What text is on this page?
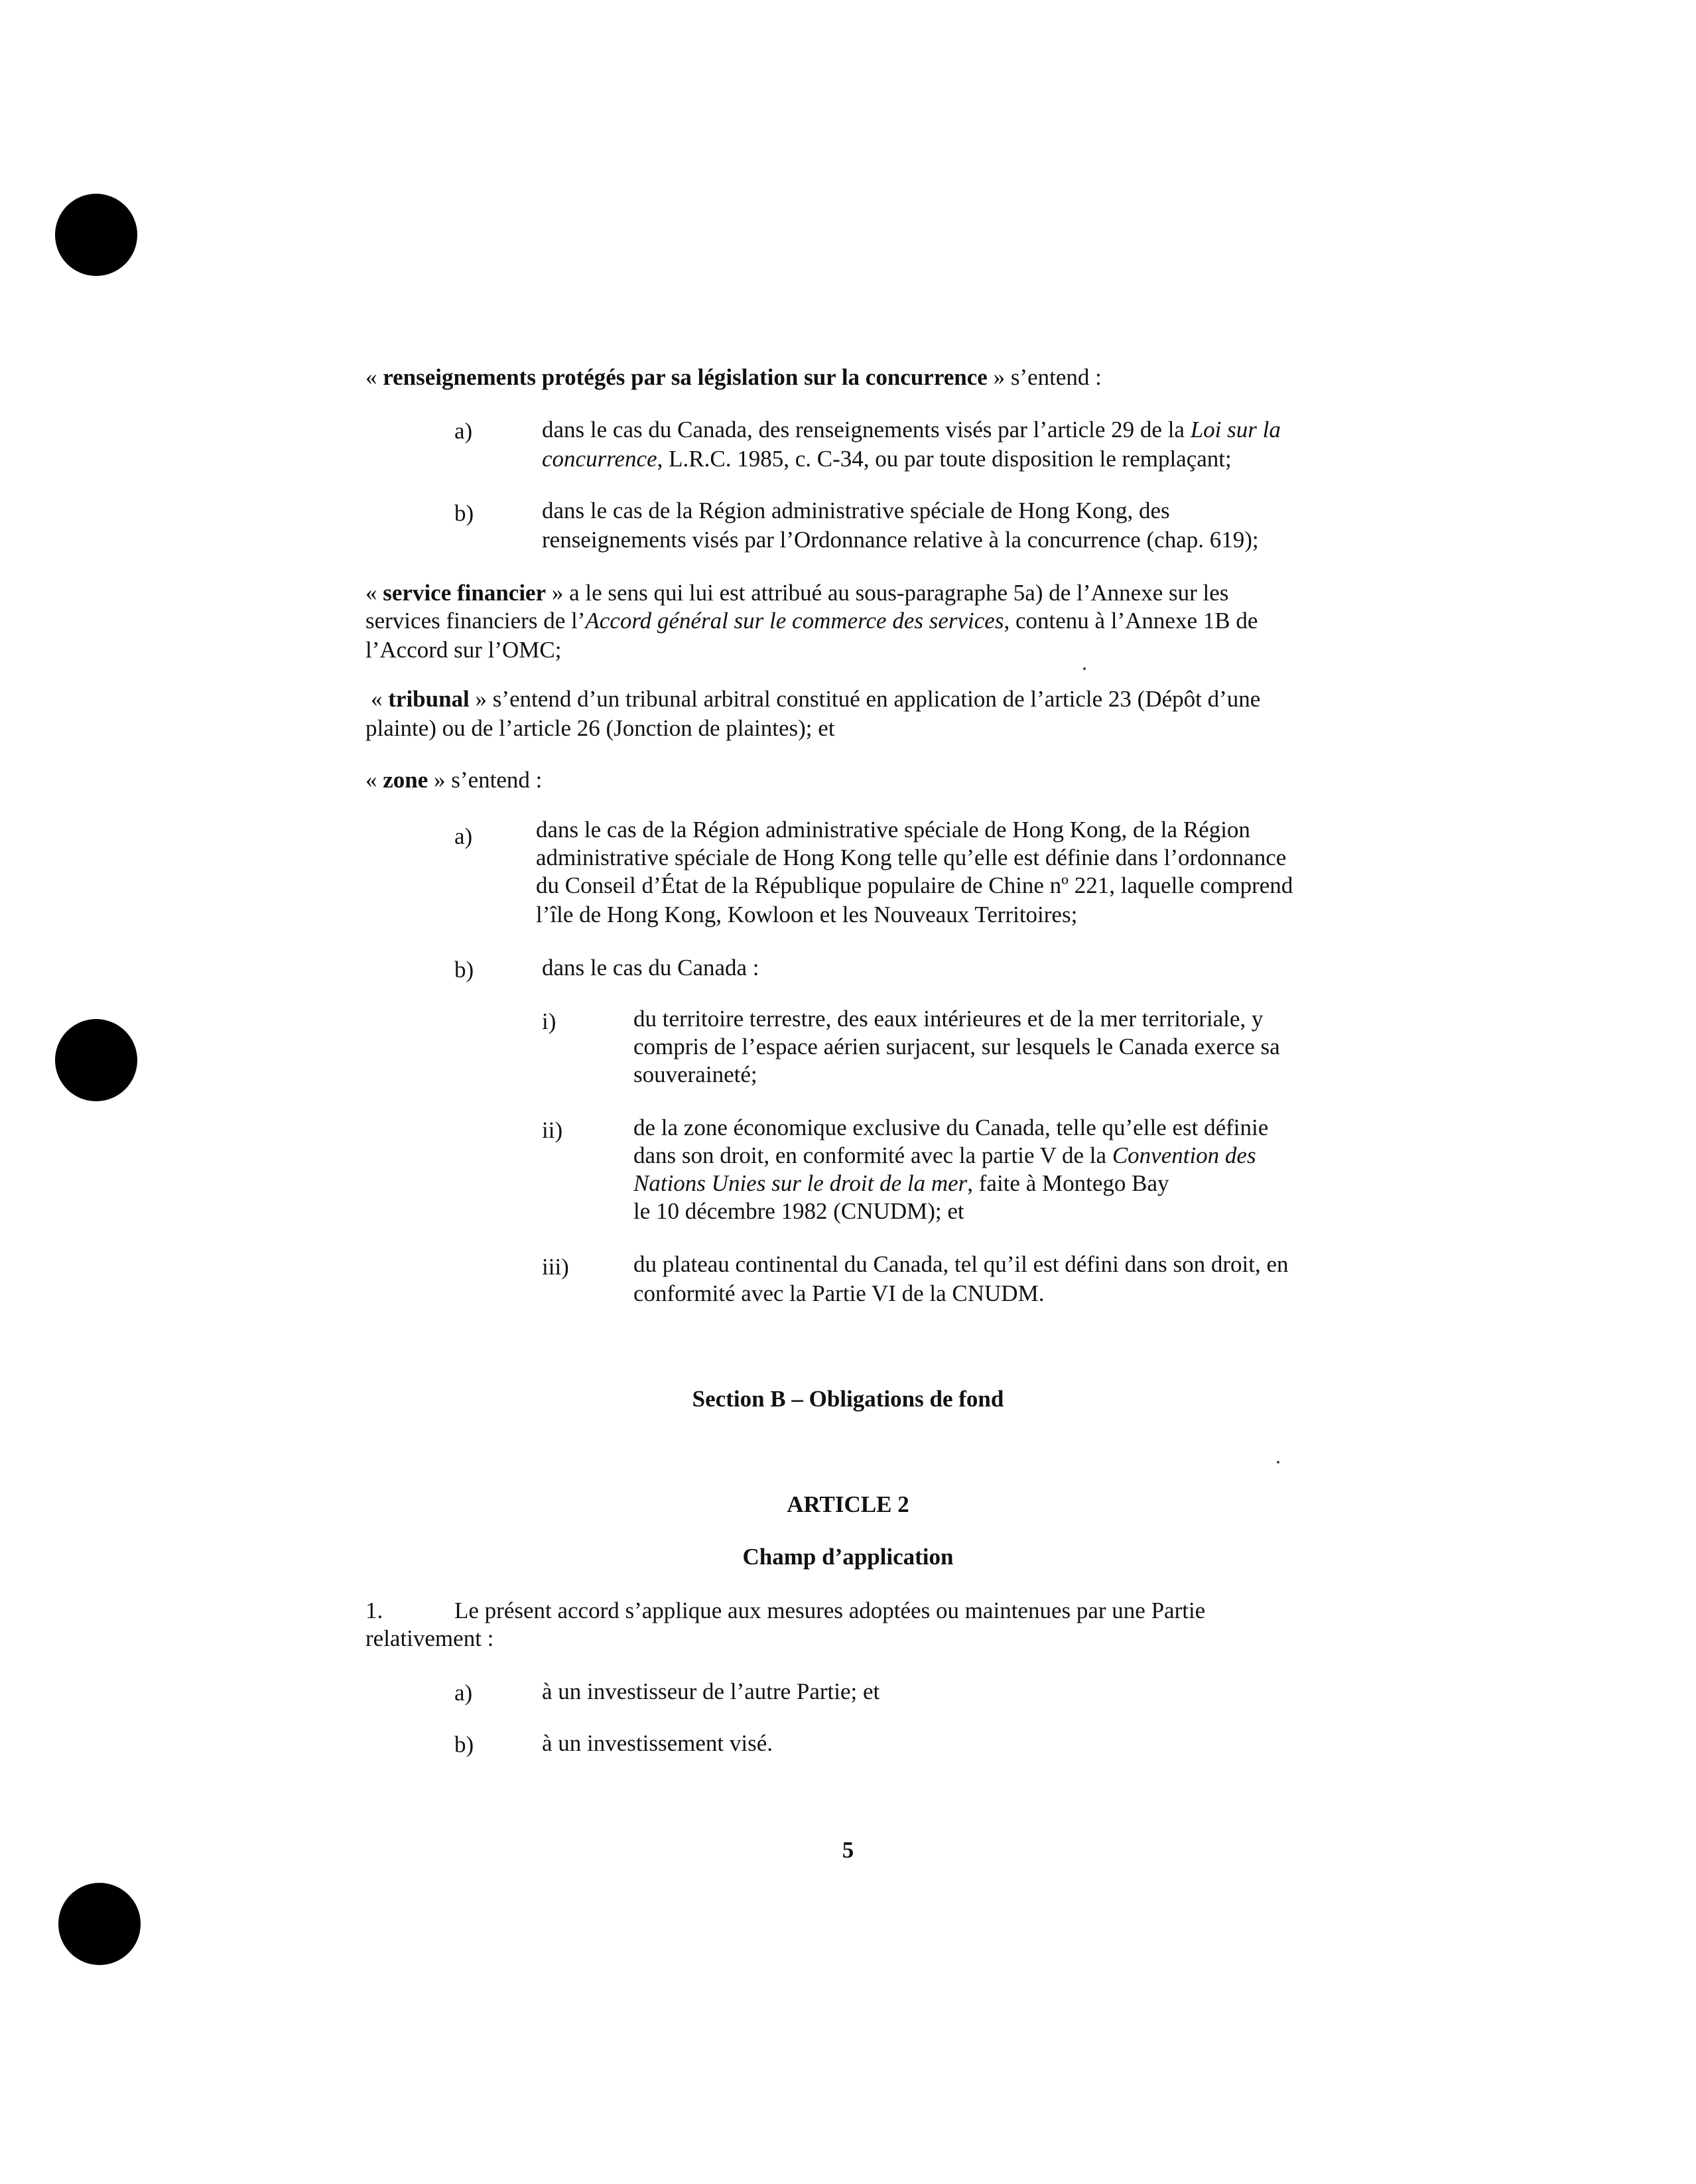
« renseignements protégés par sa législation sur la concurrence » s’entend :

a)	dans le cas du Canada, des renseignements visés par l’article 29 de la Loi sur la

concurrence, L.R.C. 1985, c. C-34, ou par toute disposition le remplaçant;

b)	dans le cas de la Région administrative spéciale de Hong Kong, des

renseignements visés par l’Ordonnance relative à la concurrence (chap. 619);

« service financier » a le sens qui lui est attribué au sous-paragraphe 5a) de l’Annexe sur les

services financiers de l’Accord général sur le commerce des services, contenu à l’Annexe 1B de

l’Accord sur l’OMC;

« tribunal » s’entend d’un tribunal arbitral constitué en application de l’article 23 (Dépôt d’une

plainte) ou de l’article 26 (Jonction de plaintes); et

« zone » s’entend :

a)	dans le cas de la Région administrative spéciale de Hong Kong, de la Région

administrative spéciale de Hong Kong telle qu’elle est définie dans l’ordonnance

du Conseil d’État de la République populaire de Chine nº 221, laquelle comprend

l’île de Hong Kong, Kowloon et les Nouveaux Territoires;

b)	dans le cas du Canada :

i)	du territoire terrestre, des eaux intérieures et de la mer territoriale, y

compris de l’espace aérien surjacent, sur lesquels le Canada exerce sa

souveraineté;

ii)	de la zone économique exclusive du Canada, telle qu’elle est définie

dans son droit, en conformité avec la partie V de la Convention des

Nations Unies sur le droit de la mer, faite à Montego Bay

le 10 décembre 1982 (CNUDM); et

iii)	du plateau continental du Canada, tel qu’il est défini dans son droit, en

conformité avec la Partie VI de la CNUDM.

Section B – Obligations de fond

ARTICLE 2

Champ d’application

1.	Le présent accord s’applique aux mesures adoptées ou maintenues par une Partie

relativement :

a)	à un investisseur de l’autre Partie; et

b)	à un investissement visé.

5
